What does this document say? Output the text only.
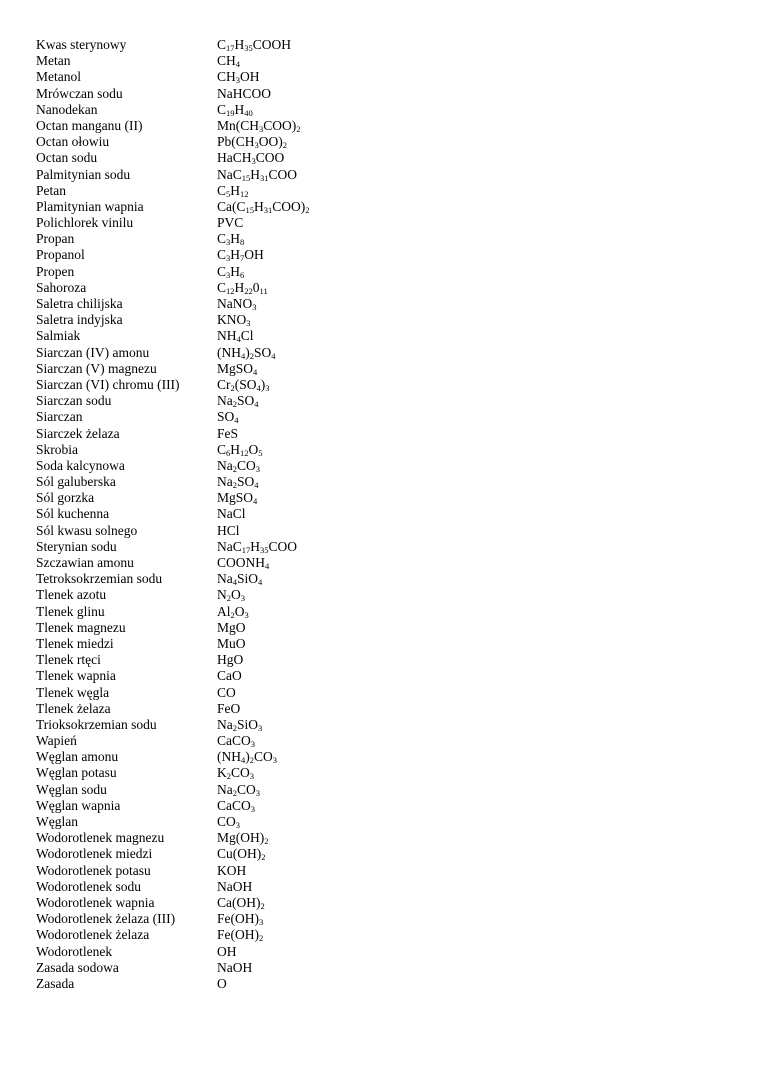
Kwas sterynowy	$C_{17}H_{35}COOH$
Metan	$CH_4$
Metanol	$CH_3OH$
Mrówczan sodu	NaHCOO
Nanodekan	$C_{19}H_{40}$
Octan manganu (II)	$Mn(CH_3COO)_2$
Octan ołowiu	$Pb(CH_3OO)_2$
Octan sodu	HaCH$_3$COO
Palmitynian sodu	$NaC_{15}H_{31}COO$
Petan	$C_5H_{12}$
Plamitynian wapnia	$Ca(C_{15}H_{31}COO)_2$
Polichlorek vinilu	PVC
Propan	$C_3H_8$
Propanol	$C_3H_7OH$
Propen	$C_3H_6$
Sahoroza	$C_{12}H_{22}0_{11}$
Saletra chilijska	NaNO$_3$
Saletra indyjska	$KNO_3$
Salmiak	$NH_4Cl$
Siarczan (IV) amonu	$(NH_4)_2SO_4$
Siarczan (V) magnezu	MgSO$_4$
Siarczan (VI) chromu (III)	$Cr_2(SO_4)_3$
Siarczan sodu	$Na_2SO_4$
Siarczan	$SO_4$
Siarczek żelaza	FeS
Skrobia	$C_6H_{12}O_5$
Soda kalcynowa	$Na_2CO_3$
Sól galuberska	$Na_2SO_4$
Sól gorzka	MgSO$_4$
Sól kuchenna	NaCl
Sól kwasu solnego	HCl
Sterynian sodu	$NaC_{17}H_{35}COO$
Szczawian amonu	$COONH_4$
Tetroksokrzemian sodu	$Na_4SiO_4$
Tlenek azotu	$N_2O_3$
Tlenek glinu	$Al_2O_3$
Tlenek magnezu	MgO
Tlenek miedzi	MuO
Tlenek rtęci	HgO
Tlenek wapnia	CaO
Tlenek węgla	CO
Tlenek żelaza	FeO
Trioksokrzemian sodu	$Na_2SiO_3$
Wapień	CaCO$_3$
Węglan amonu	$(NH_4)_2CO_3$
Węglan potasu	$K_2CO_3$
Węglan sodu	$Na_2CO_3$
Węglan wapnia	CaCO$_3$
Węglan	$CO_3$
Wodorotlenek magnezu	$Mg(OH)_2$
Wodorotlenek miedzi	$Cu(OH)_2$
Wodorotlenek potasu	KOH
Wodorotlenek sodu	NaOH
Wodorotlenek wapnia	$Ca(OH)_2$
Wodorotlenek żelaza (III)	$Fe(OH)_3$
Wodorotlenek żelaza	$Fe(OH)_2$
Wodorotlenek	OH
Zasada sodowa	NaOH
Zasada	O
